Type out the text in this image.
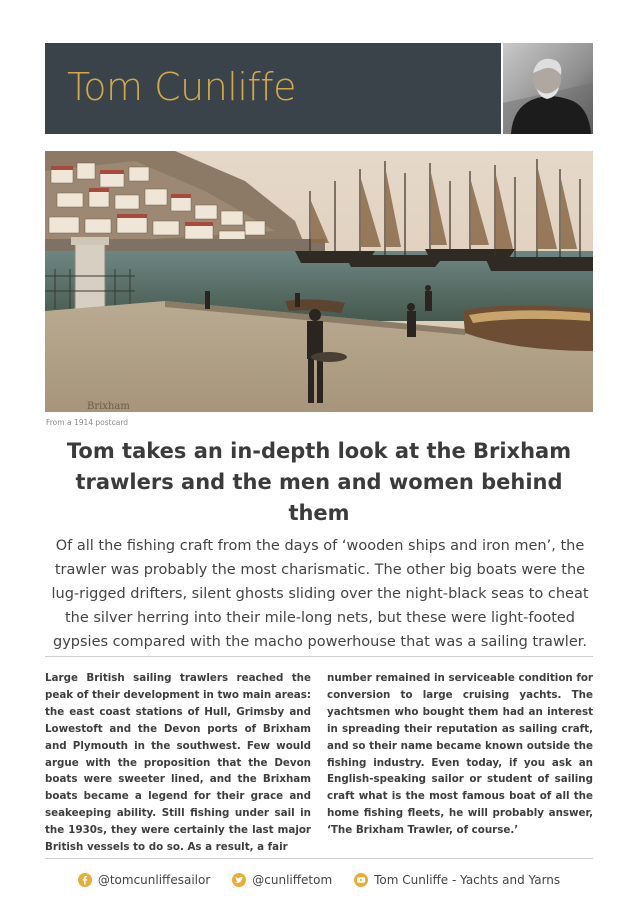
Tom Cunliffe
Brixham
From a 1914 postcard
Tom takes an in-depth look at the Brixham trawlers and the men and women behind them
Of all the fishing craft from the days of ‘wooden ships and iron men’, the trawler was probably the most charismatic. The other big boats were the lug-rigged drifters, silent ghosts sliding over the night-black seas to cheat the silver herring into their mile-long nets, but these were light-footed gypsies compared with the macho powerhouse that was a sailing trawler.
Large British sailing trawlers reached the peak of their development in two main areas: the east coast stations of Hull, Grimsby and Lowestoft and the Devon ports of Brixham and Plymouth in the southwest. Few would argue with the proposition that the Devon boats were sweeter lined, and the Brixham boats became a legend for their grace and seakeeping ability. Still fishing under sail in the 1930s, they were certainly the last major British vessels to do so. As a result, a fair
number remained in serviceable condition for conversion to large cruising yachts. The yachtsmen who bought them had an interest in spreading their reputation as sailing craft, and so their name became known outside the fishing industry. Even today, if you ask an English-speaking sailor or student of sailing craft what is the most famous boat of all the home fishing fleets, he will probably answer, ‘The Brixham Trawler, of course.’
@tomcunliffesailor	@cunliffetom	Tom Cunliffe - Yachts and Yarns
